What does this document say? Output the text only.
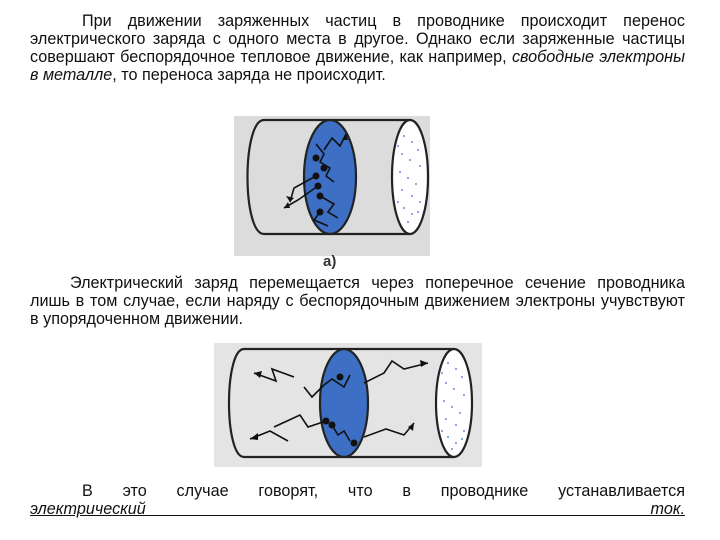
При движении заряженных частиц в проводнике происходит перенос электрического заряда с одного места в другое. Однако если заряженные частицы совершают беспорядочное тепловое движение, как например, свободные электроны в металле, то переноса заряда не происходит.

а)

Электрический заряд перемещается через поперечное сечение проводника лишь в том случае, если наряду с беспорядочным движением электроны учувствуют в упорядоченном движении.

В это случае говорят, что в проводнике устанавливается
электрический ток.
